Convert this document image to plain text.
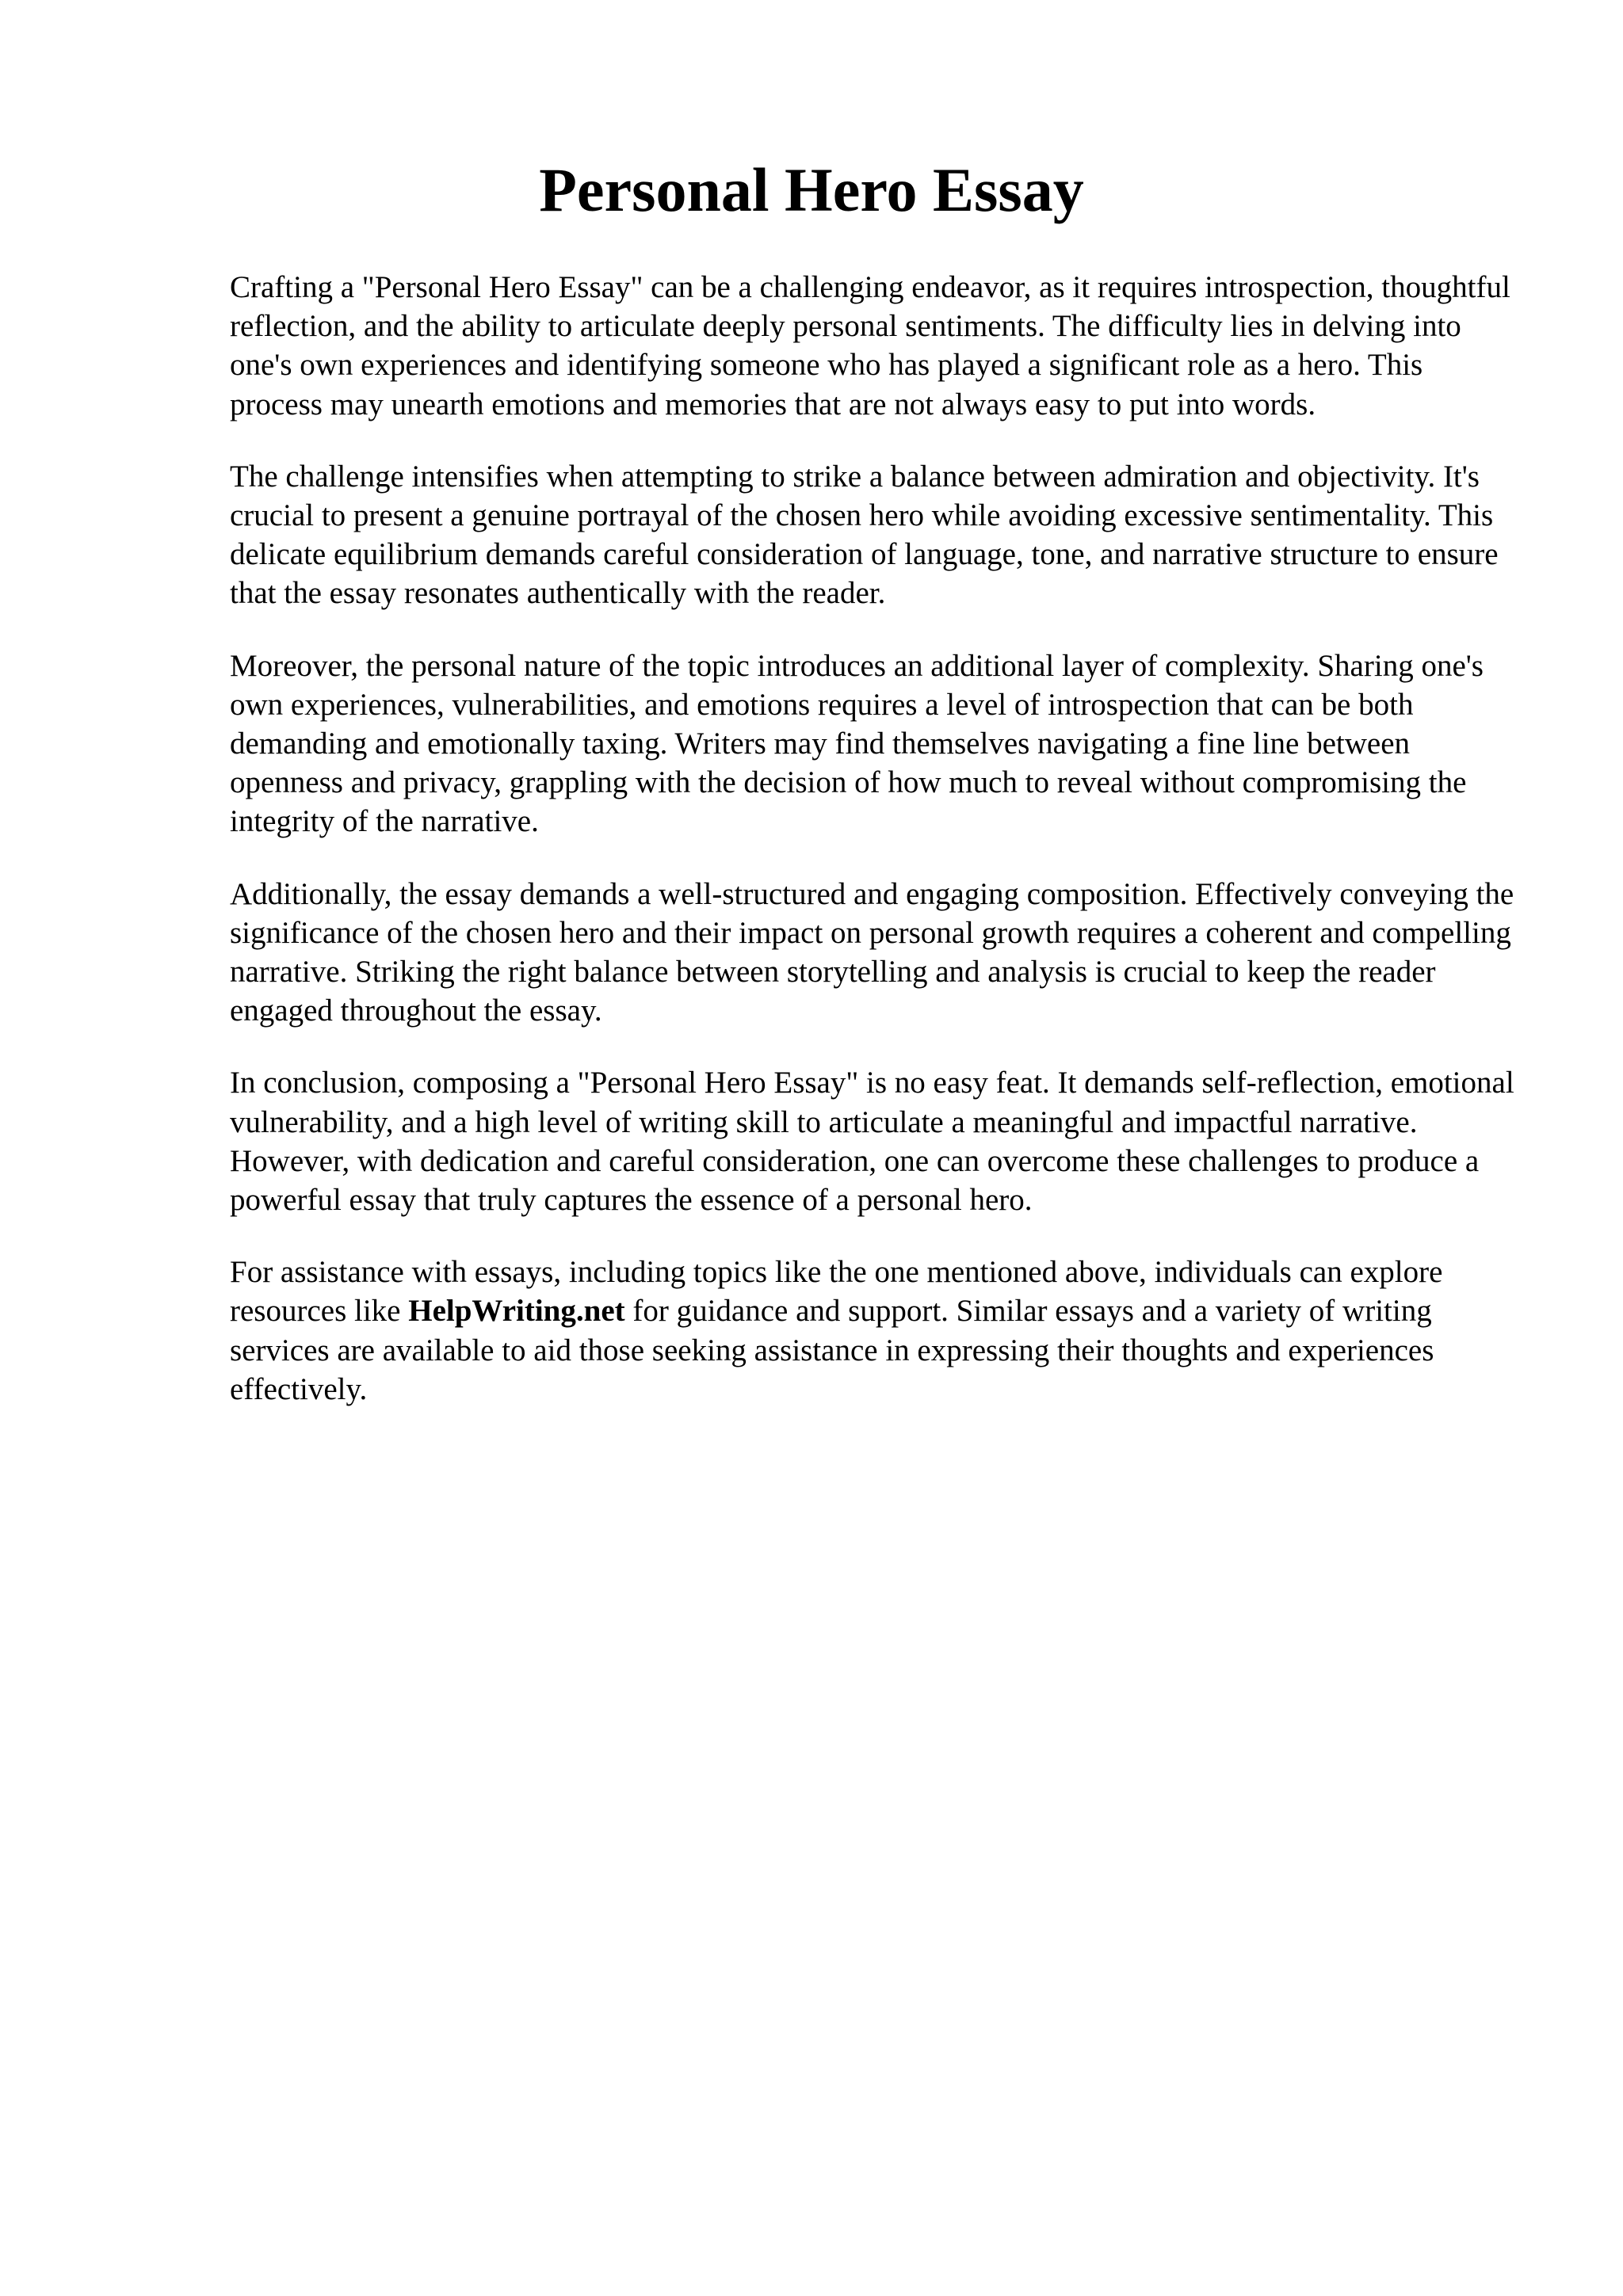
Personal Hero Essay

Crafting a "Personal Hero Essay" can be a challenging endeavor, as it requires introspection, thoughtful reflection, and the ability to articulate deeply personal sentiments. The difficulty lies in delving into one's own experiences and identifying someone who has played a significant role as a hero. This process may unearth emotions and memories that are not always easy to put into words.

The challenge intensifies when attempting to strike a balance between admiration and objectivity. It's crucial to present a genuine portrayal of the chosen hero while avoiding excessive sentimentality. This delicate equilibrium demands careful consideration of language, tone, and narrative structure to ensure that the essay resonates authentically with the reader.

Moreover, the personal nature of the topic introduces an additional layer of complexity. Sharing one's own experiences, vulnerabilities, and emotions requires a level of introspection that can be both demanding and emotionally taxing. Writers may find themselves navigating a fine line between openness and privacy, grappling with the decision of how much to reveal without compromising the integrity of the narrative.

Additionally, the essay demands a well-structured and engaging composition. Effectively conveying the significance of the chosen hero and their impact on personal growth requires a coherent and compelling narrative. Striking the right balance between storytelling and analysis is crucial to keep the reader engaged throughout the essay.

In conclusion, composing a "Personal Hero Essay" is no easy feat. It demands self-reflection, emotional vulnerability, and a high level of writing skill to articulate a meaningful and impactful narrative. However, with dedication and careful consideration, one can overcome these challenges to produce a powerful essay that truly captures the essence of a personal hero.

For assistance with essays, including topics like the one mentioned above, individuals can explore resources like HelpWriting.net for guidance and support. Similar essays and a variety of writing services are available to aid those seeking assistance in expressing their thoughts and experiences effectively.
